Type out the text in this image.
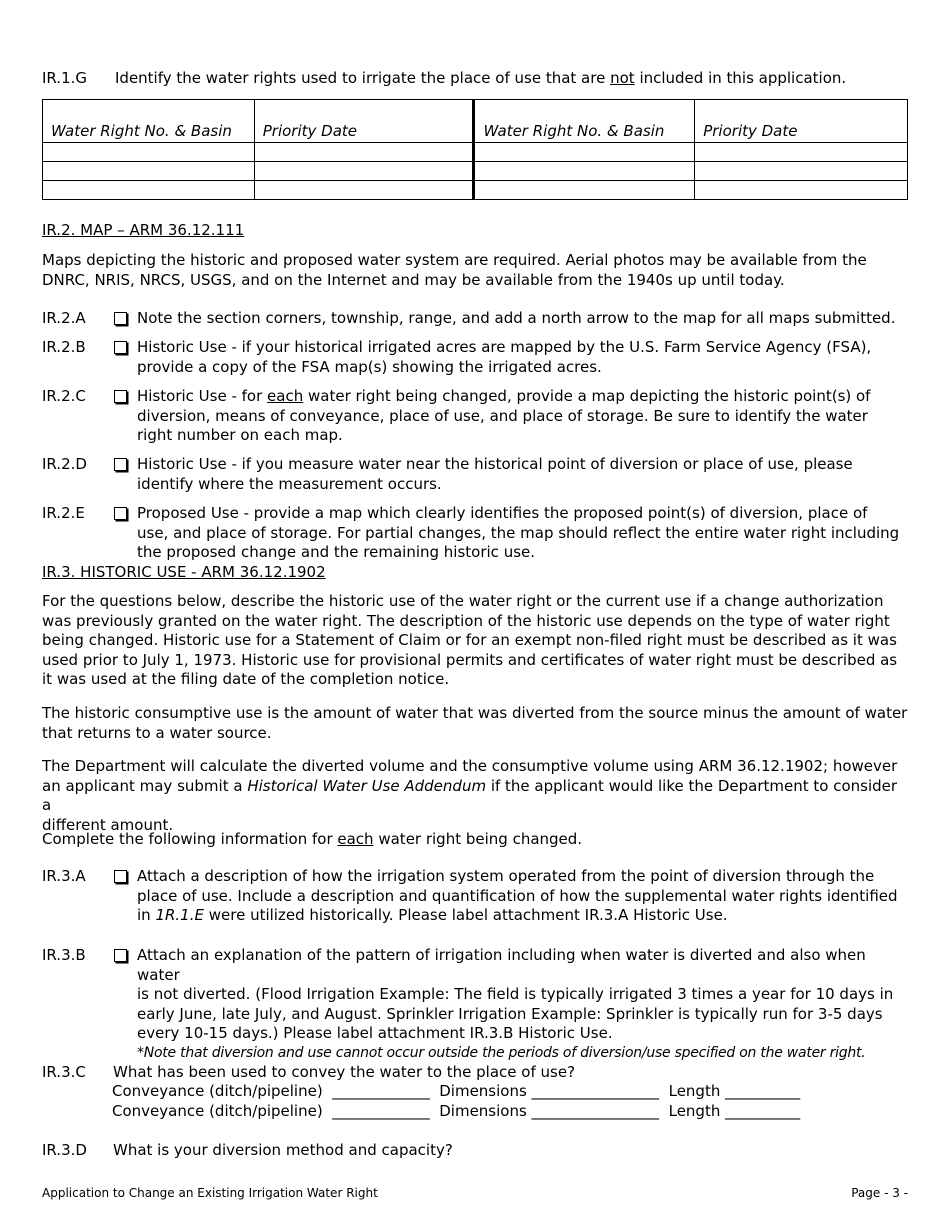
IR.1.G Identify the water rights used to irrigate the place of use that are not included in this application.
Water Right No. & Basin	Priority Date	Water Right No. & Basin	Priority Date

IR.2. MAP – ARM 36.12.111
Maps depicting the historic and proposed water system are required. Aerial photos may be available from the
DNRC, NRIS, NRCS, USGS, and on the Internet and may be available from the 1940s up until today.
IR.2.A	Note the section corners, township, range, and add a north arrow to the map for all maps submitted.
IR.2.B	Historic Use - if your historical irrigated acres are mapped by the U.S. Farm Service Agency (FSA),
provide a copy of the FSA map(s) showing the irrigated acres.
IR.2.C	Historic Use - for each water right being changed, provide a map depicting the historic point(s) of
diversion, means of conveyance, place of use, and place of storage. Be sure to identify the water
right number on each map.
IR.2.D	Historic Use - if you measure water near the historical point of diversion or place of use, please
identify where the measurement occurs.
IR.2.E	Proposed Use - provide a map which clearly identifies the proposed point(s) of diversion, place of
use, and place of storage. For partial changes, the map should reflect the entire water right including
the proposed change and the remaining historic use.
IR.3. HISTORIC USE - ARM 36.12.1902
For the questions below, describe the historic use of the water right or the current use if a change authorization
was previously granted on the water right. The description of the historic use depends on the type of water right
being changed. Historic use for a Statement of Claim or for an exempt non-filed right must be described as it was
used prior to July 1, 1973. Historic use for provisional permits and certificates of water right must be described as
it was used at the filing date of the completion notice.
The historic consumptive use is the amount of water that was diverted from the source minus the amount of water
that returns to a water source.
The Department will calculate the diverted volume and the consumptive volume using ARM 36.12.1902; however
an applicant may submit a Historical Water Use Addendum if the applicant would like the Department to consider a
different amount.
Complete the following information for each water right being changed.
IR.3.A	Attach a description of how the irrigation system operated from the point of diversion through the
place of use. Include a description and quantification of how the supplemental water rights identified
in 1R.1.E were utilized historically. Please label attachment IR.3.A Historic Use.
IR.3.B	Attach an explanation of the pattern of irrigation including when water is diverted and also when water
is not diverted. (Flood Irrigation Example: The field is typically irrigated 3 times a year for 10 days in
early June, late July, and August. Sprinkler Irrigation Example: Sprinkler is typically run for 3-5 days
every 10-15 days.) Please label attachment IR.3.B Historic Use.
*Note that diversion and use cannot occur outside the periods of diversion/use specified on the water right.
IR.3.C What has been used to convey the water to the place of use?
Conveyance (ditch/pipeline)  _____________  Dimensions _________________  Length __________
Conveyance (ditch/pipeline)  _____________  Dimensions _________________  Length __________
IR.3.D What is your diversion method and capacity?
Application to Change an Existing Irrigation Water Right	Page - 3 -
